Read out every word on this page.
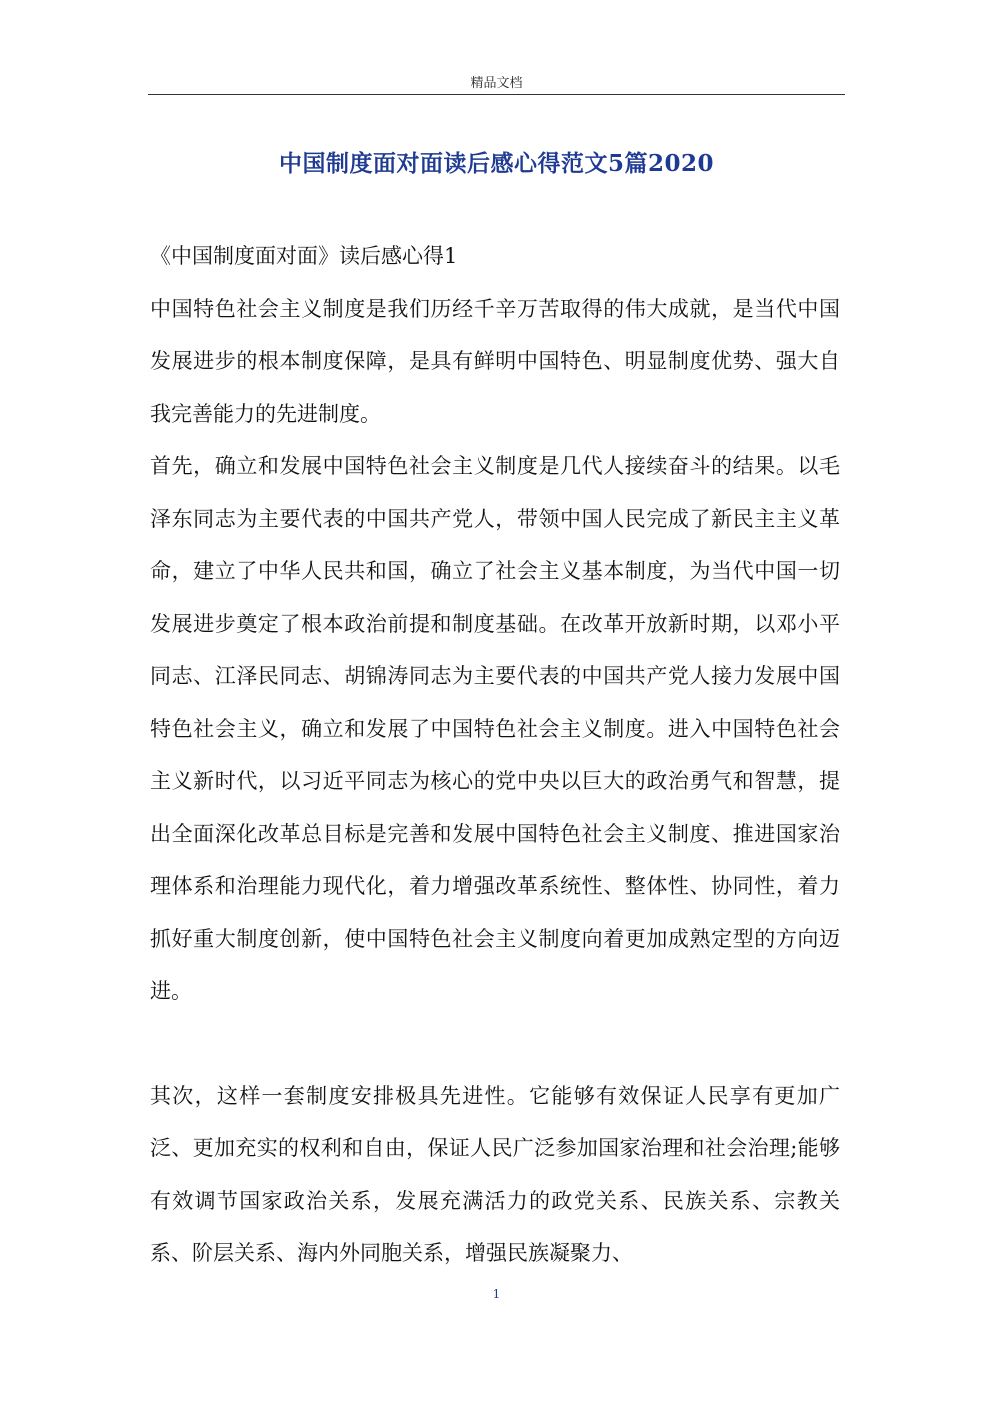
精品文档
中国制度面对面读后感心得范文5篇2020

《中国制度面对面》读后感心得1

中国特色社会主义制度是我们历经千辛万苦取得的伟大成就，是当代中国发展进步的根本制度保障，是具有鲜明中国特色、明显制度优势、强大自我完善能力的先进制度。

首先，确立和发展中国特色社会主义制度是几代人接续奋斗的结果。以毛泽东同志为主要代表的中国共产党人，带领中国人民完成了新民主主义革命，建立了中华人民共和国，确立了社会主义基本制度，为当代中国一切发展进步奠定了根本政治前提和制度基础。在改革开放新时期，以邓小平同志、江泽民同志、胡锦涛同志为主要代表的中国共产党人接力发展中国特色社会主义，确立和发展了中国特色社会主义制度。进入中国特色社会主义新时代，以习近平同志为核心的党中央以巨大的政治勇气和智慧，提出全面深化改革总目标是完善和发展中国特色社会主义制度、推进国家治理体系和治理能力现代化，着力增强改革系统性、整体性、协同性，着力抓好重大制度创新，使中国特色社会主义制度向着更加成熟定型的方向迈进。

其次，这样一套制度安排极具先进性。它能够有效保证人民享有更加广泛、更加充实的权利和自由，保证人民广泛参加国家治理和社会治理;能够有效调节国家政治关系，发展充满活力的政党关系、民族关系、宗教关系、阶层关系、海内外同胞关系，增强民族凝聚力、

1
